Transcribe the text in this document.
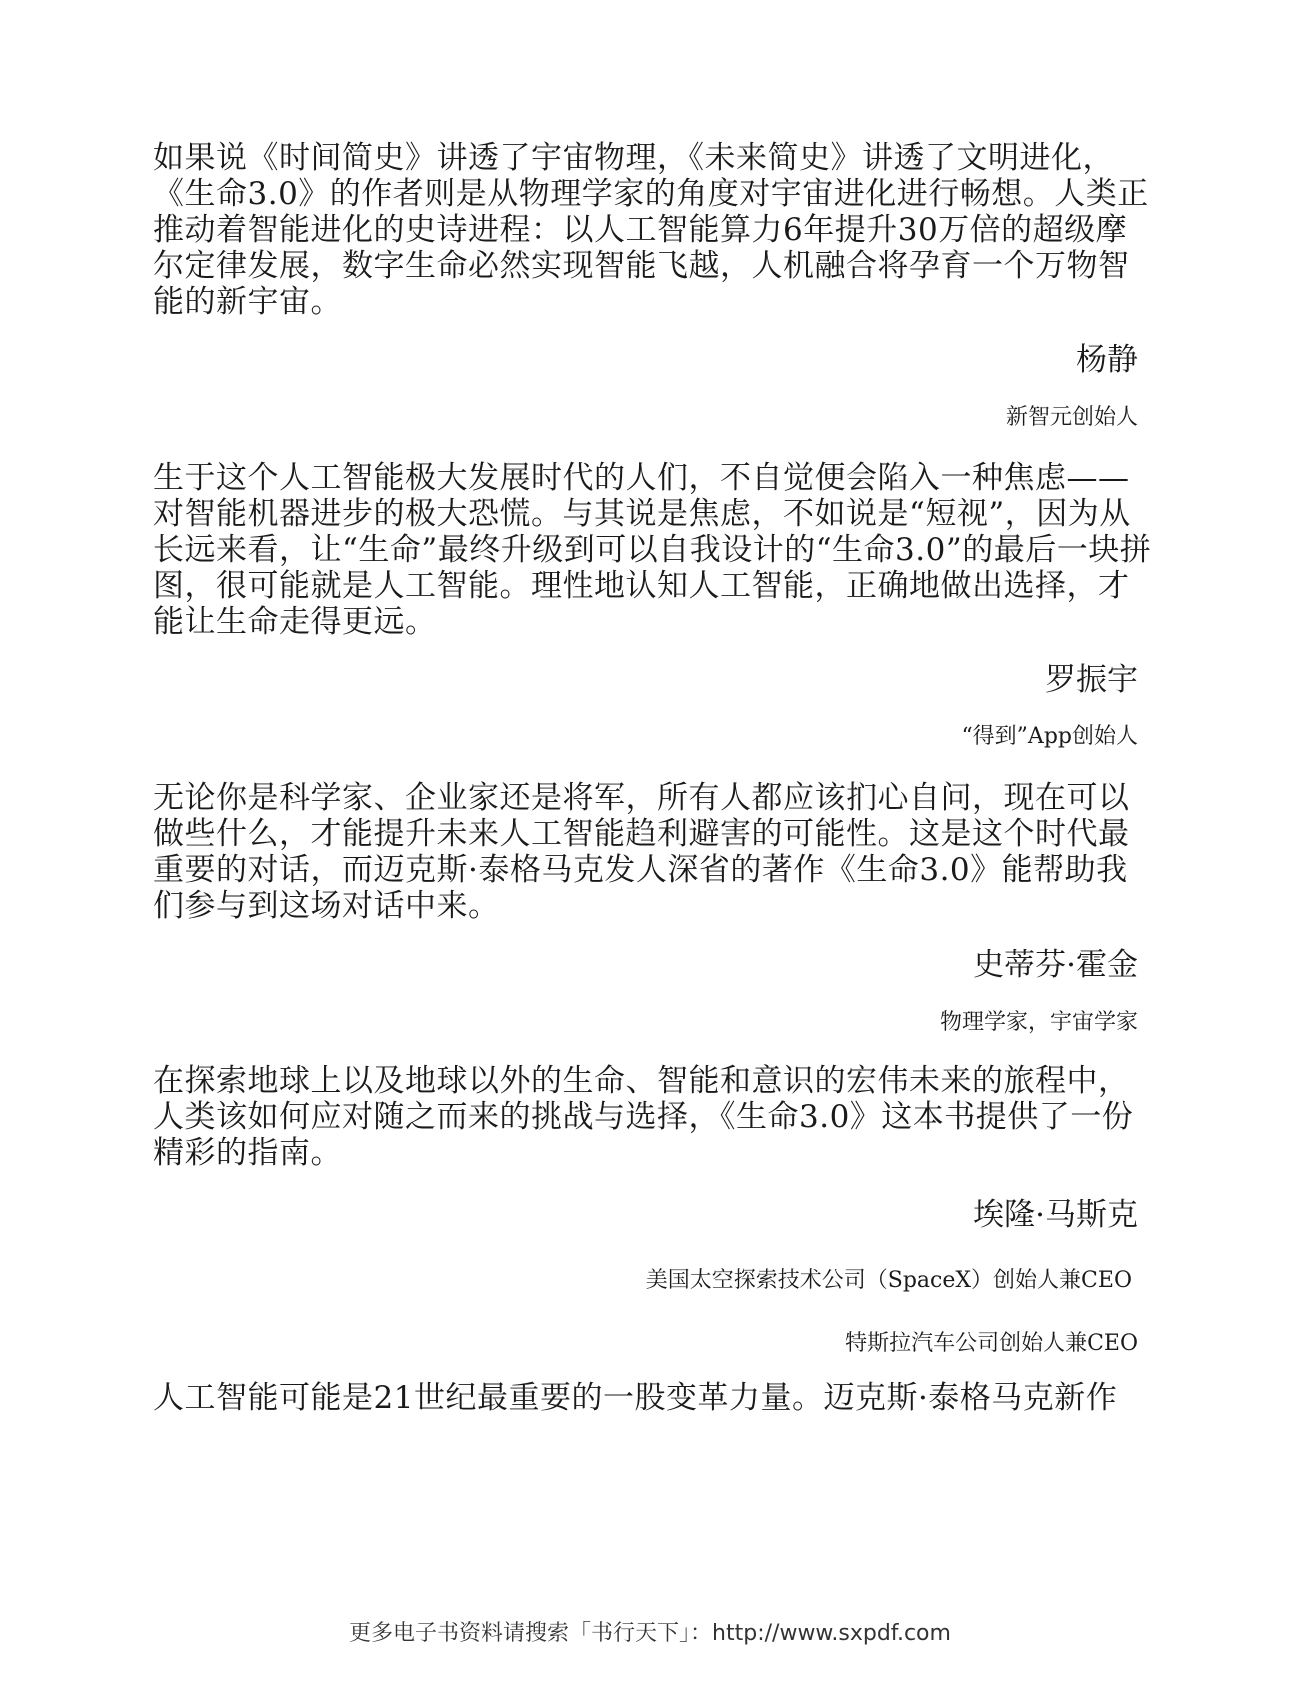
如果说《时间简史》讲透了宇宙物理，《未来简史》讲透了文明进化，《生命3.0》的作者则是从物理学家的角度对宇宙进化进行畅想。人类正推动着智能进化的史诗进程：以人工智能算力6年提升30万倍的超级摩尔定律发展，数字生命必然实现智能飞越，人机融合将孕育一个万物智能的新宇宙。

杨静

新智元创始人

生于这个人工智能极大发展时代的人们，不自觉便会陷入一种焦虑——对智能机器进步的极大恐慌。与其说是焦虑，不如说是“短视”，因为从长远来看，让“生命”最终升级到可以自我设计的“生命3.0”的最后一块拼图，很可能就是人工智能。理性地认知人工智能，正确地做出选择，才能让生命走得更远。

罗振宇

“得到”App创始人

无论你是科学家、企业家还是将军，所有人都应该扪心自问，现在可以做些什么，才能提升未来人工智能趋利避害的可能性。这是这个时代最重要的对话，而迈克斯·泰格马克发人深省的著作《生命3.0》能帮助我们参与到这场对话中来。

史蒂芬·霍金

物理学家，宇宙学家

在探索地球上以及地球以外的生命、智能和意识的宏伟未来的旅程中，人类该如何应对随之而来的挑战与选择，《生命3.0》这本书提供了一份精彩的指南。

埃隆·马斯克

美国太空探索技术公司（SpaceX）创始人兼CEO

特斯拉汽车公司创始人兼CEO

人工智能可能是21世纪最重要的一股变革力量。迈克斯·泰格马克新作

更多电子书资料请搜索「书行天下」：http://www.sxpdf.com
